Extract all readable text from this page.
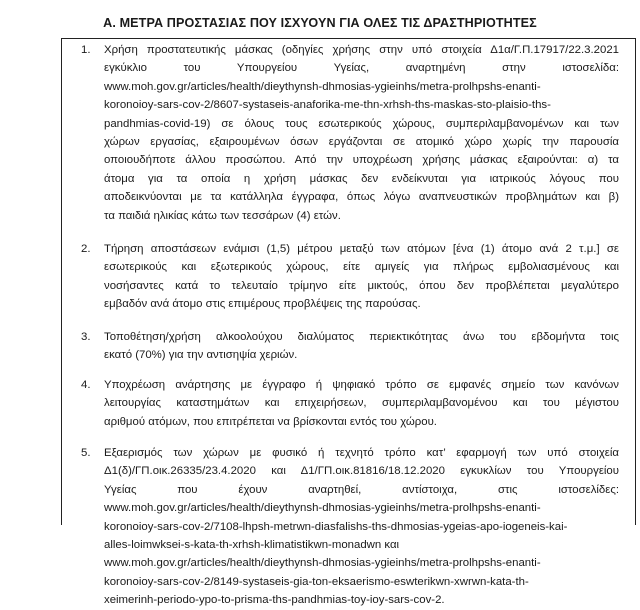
Α. ΜΕΤΡΑ ΠΡΟΣΤΑΣΙΑΣ ΠΟΥ ΙΣΧΥΟΥΝ ΓΙΑ ΟΛΕΣ ΤΙΣ ΔΡΑΣΤΗΡΙΟΤΗΤΕΣ
1. Χρήση προστατευτικής μάσκας (οδηγίες χρήσης στην υπό στοιχεία Δ1α/Γ.Π.17917/22.3.2021
εγκύκλιο του Υπουργείου Υγείας, αναρτημένη στην ιστοσελίδα:
www.moh.gov.gr/articles/health/dieythynsh-dhmosias-ygieinhs/metra-prolhpshs-enanti-
koronoioy-sars-cov-2/8607-systaseis-anaforika-me-thn-xrhsh-ths-maskas-sto-plaisio-ths-
pandhmias-covid-19) σε όλους τους εσωτερικούς χώρους, συμπεριλαμβανομένων και των
χώρων εργασίας, εξαιρουμένων όσων εργάζονται σε ατομικό χώρο χωρίς την παρουσία
οποιουδήποτε άλλου προσώπου. Από την υποχρέωση χρήσης μάσκας εξαιρούνται: α) τα
άτομα για τα οποία η χρήση μάσκας δεν ενδείκνυται για ιατρικούς λόγους που
αποδεικνύονται με τα κατάλληλα έγγραφα, όπως λόγω αναπνευστικών προβλημάτων και β)
τα παιδιά ηλικίας κάτω των τεσσάρων (4) ετών.
2. Τήρηση αποστάσεων ενάμισι (1,5) μέτρου μεταξύ των ατόμων [ένα (1) άτομο ανά 2 τ.μ.] σε
εσωτερικούς και εξωτερικούς χώρους, είτε αμιγείς για πλήρως εμβολιασμένους και
νοσήσαντες κατά το τελευταίο τρίμηνο είτε μικτούς, όπου δεν προβλέπεται μεγαλύτερο
εμβαδόν ανά άτομο στις επιμέρους προβλέψεις της παρούσας.
3. Τοποθέτηση/χρήση αλκοολούχου διαλύματος περιεκτικότητας άνω του εβδομήντα τοις
εκατό (70%) για την αντισηψία χεριών.
4. Υποχρέωση ανάρτησης με έγγραφο ή ψηφιακό τρόπο σε εμφανές σημείο των κανόνων
λειτουργίας καταστημάτων και επιχειρήσεων, συμπεριλαμβανομένου και του μέγιστου
αριθμού ατόμων, που επιτρέπεται να βρίσκονται εντός του χώρου.
5. Εξαερισμός των χώρων με φυσικό ή τεχνητό τρόπο κατ’ εφαρμογή των υπό στοιχεία
Δ1(δ)/ΓΠ.οικ.26335/23.4.2020 και Δ1/ΓΠ.οικ.81816/18.12.2020 εγκυκλίων του Υπουργείου
Υγείας που έχουν αναρτηθεί, αντίστοιχα, στις ιστοσελίδες:
www.moh.gov.gr/articles/health/dieythynsh-dhmosias-ygieinhs/metra-prolhpshs-enanti-
koronoioy-sars-cov-2/7108-lhpsh-metrwn-diasfalishs-ths-dhmosias-ygeias-apo-iogeneis-kai-
alles-loimwksei-s-kata-th-xrhsh-klimatistikwn-monadwn και
www.moh.gov.gr/articles/health/dieythynsh-dhmosias-ygieinhs/metra-prolhpshs-enanti-
koronoioy-sars-cov-2/8149-systaseis-gia-ton-eksaerismo-eswterikwn-xwrwn-kata-th-
xeimerinh-periodo-ypo-to-prisma-ths-pandhmias-toy-ioy-sars-cov-2.
